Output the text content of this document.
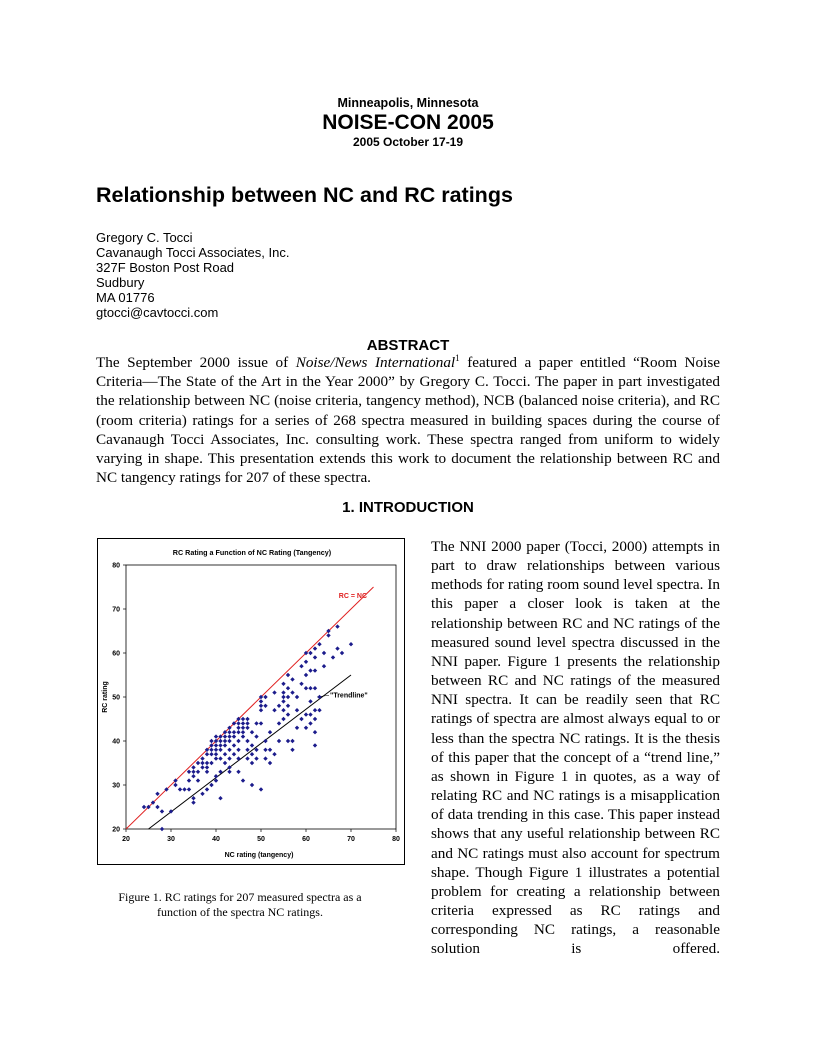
Minneapolis, Minnesota
NOISE-CON 2005
2005 October 17-19
Relationship between NC and RC ratings
Gregory C. Tocci
Cavanaugh Tocci Associates, Inc.
327F Boston Post Road
Sudbury
MA 01776
gtocci@cavtocci.com
ABSTRACT
The September 2000 issue of Noise/News International$^1$ featured a paper entitled “Room Noise Criteria—The State of the Art in the Year 2000” by Gregory C. Tocci. The paper in part investigated the relationship between NC (noise criteria, tangency method), NCB (balanced noise criteria), and RC (room criteria) ratings for a series of 268 spectra measured in building spaces during the course of Cavanaugh Tocci Associates, Inc. consulting work. These spectra ranged from uniform to widely varying in shape. This presentation extends this work to document the relationship between RC and NC tangency ratings for 207 of these spectra.
1. INTRODUCTION
RC Rating a Function of NC Rating (Tangency)
20	30	40	50	60	70	80
20
30
40
50
60
70
80
RC = NC
"Trendline"
NC rating (tangency)
RC rating
Figure 1. RC ratings for 207 measured spectra as a function of the spectra NC ratings.
The NNI 2000 paper (Tocci, 2000) attempts in part to draw relationships between various methods for rating room sound level spectra. In this paper a closer look is taken at the relationship between RC and NC ratings of the measured sound level spectra discussed in the NNI paper. Figure 1 presents the relationship between RC and NC ratings of the measured NNI spectra. It can be readily seen that RC ratings of spectra are almost always equal to or less than the spectra NC ratings. It is the thesis of this paper that the concept of a “trend line,” as shown in Figure 1 in quotes, as a way of relating RC and NC ratings is a misapplication of data trending in this case. This paper instead shows that any useful relationship between RC and NC ratings must also account for spectrum shape. Though Figure 1 illustrates a potential problem for creating a relationship between criteria expressed as RC ratings and corresponding NC ratings, a reasonable solution is offered.
